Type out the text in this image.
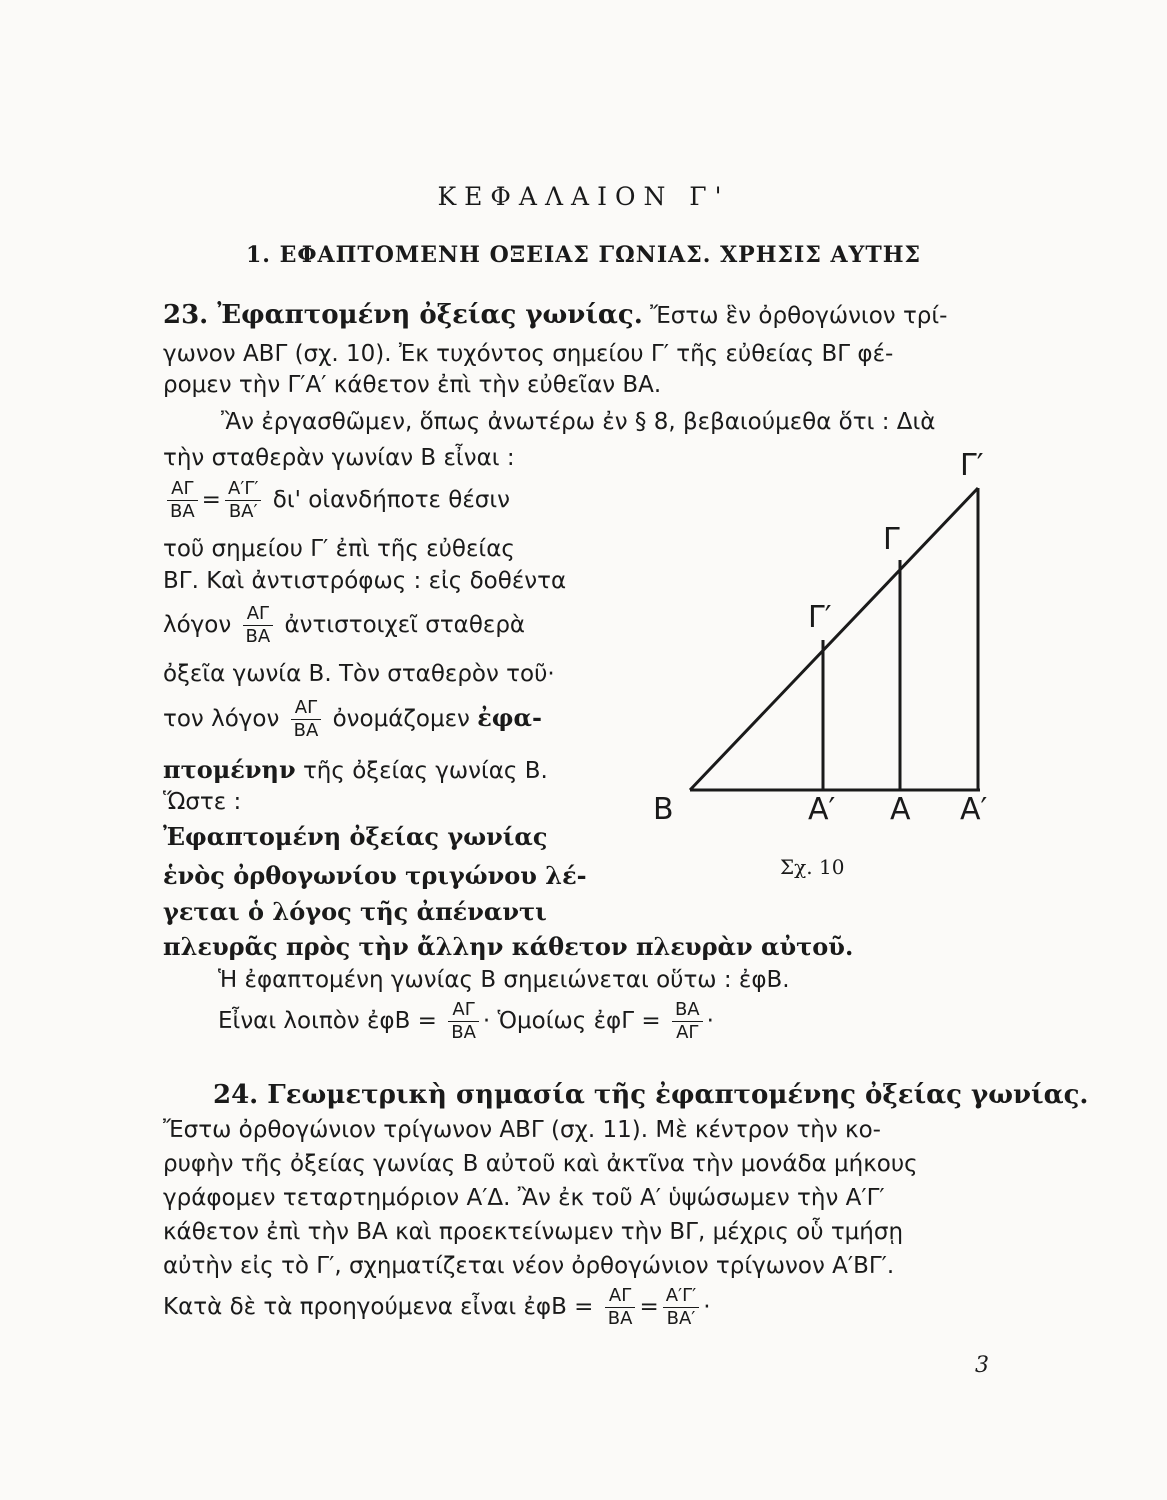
ΚΕΦΑΛΑΙΟΝ Γ'
1. ΕΦΑΠΤΟΜΕΝΗ ΟΞΕΙΑΣ ΓΩΝΙΑΣ. ΧΡΗΣΙΣ ΑΥΤΗΣ
23. Ἐφαπτομένη ὀξείας γωνίας. Ἔστω ἓν ὀρθογώνιον τρί-
γωνον ΑΒΓ (σχ. 10). Ἐκ τυχόντος σημείου Γ′ τῆς εὐθείας ΒΓ φέ-
ρομεν τὴν Γ′Α′ κάθετον ἐπὶ τὴν εὐθεῖαν ΒΑ.
Ἂν ἐργασθῶμεν, ὅπως ἀνωτέρω ἐν § 8, βεβαιούμεθα ὅτι : Διὰ
τὴν σταθερὰν γωνίαν Β εἶναι :
$\frac{A\Gamma}{BA} = \frac{A'\Gamma'}{BA'} \delta\iota'$ οἱανδήποτε θέσιν
τοῦ σημείου Γ′ ἐπὶ τῆς εὐθείας
ΒΓ. Καὶ ἀντιστρόφως : εἰς δοθέντα
λόγον $\frac{A\Gamma}{BA}$ ἀντιστοιχεῖ σταθερὰ
ὀξεῖα γωνία Β. Τὸν σταθερὸν τοῦ·
τον λόγον $\frac{A\Gamma}{BA}$ ὀνομάζομεν ἐφα-
πτομένην τῆς ὀξείας γωνίας Β.
Ὥστε :
Ἐφαπτομένη ὀξείας γωνίας
ἑνὸς ὀρθογωνίου τριγώνου λέ-
γεται ὁ λόγος τῆς ἀπέναντι
πλευρᾶς πρὸς τὴν ἄλλην κάθετον πλευρὰν αὐτοῦ.
Ἡ ἐφαπτομένη γωνίας Β σημειώνεται οὕτω : ἐφΒ.
Εἶναι λοιπὸν ἐφΒ = $\frac{A\Gamma}{BA}$ · Ὁμοίως ἐφΓ = $\frac{BA}{A\Gamma}$ ·
24. Γεωμετρικὴ σημασία τῆς ἐφαπτομένης ὀξείας γωνίας.
Ἔστω ὀρθογώνιον τρίγωνον ΑΒΓ (σχ. 11). Μὲ κέντρον τὴν κο-
ρυφὴν τῆς ὀξείας γωνίας Β αὐτοῦ καὶ ἀκτῖνα τὴν μονάδα μήκους
γράφομεν τεταρτημόριον Α′Δ. Ἂν ἐκ τοῦ Α′ ὑψώσωμεν τὴν Α′Γ′
κάθετον ἐπὶ τὴν ΒΑ καὶ προεκτείνωμεν τὴν ΒΓ, μέχρις οὗ τμήσῃ
αὐτὴν εἰς τὸ Γ′, σχηματίζεται νέον ὀρθογώνιον τρίγωνον Α′ΒΓ′.
Κατὰ δὲ τὰ προηγούμενα εἶναι ἐφΒ = $\frac{A\Gamma}{BA} = \frac{A'\Gamma'}{BA'}$ ·
Β	Α′ Α Α′
Γ′
Γ
Γ′
Σχ. 10
3
